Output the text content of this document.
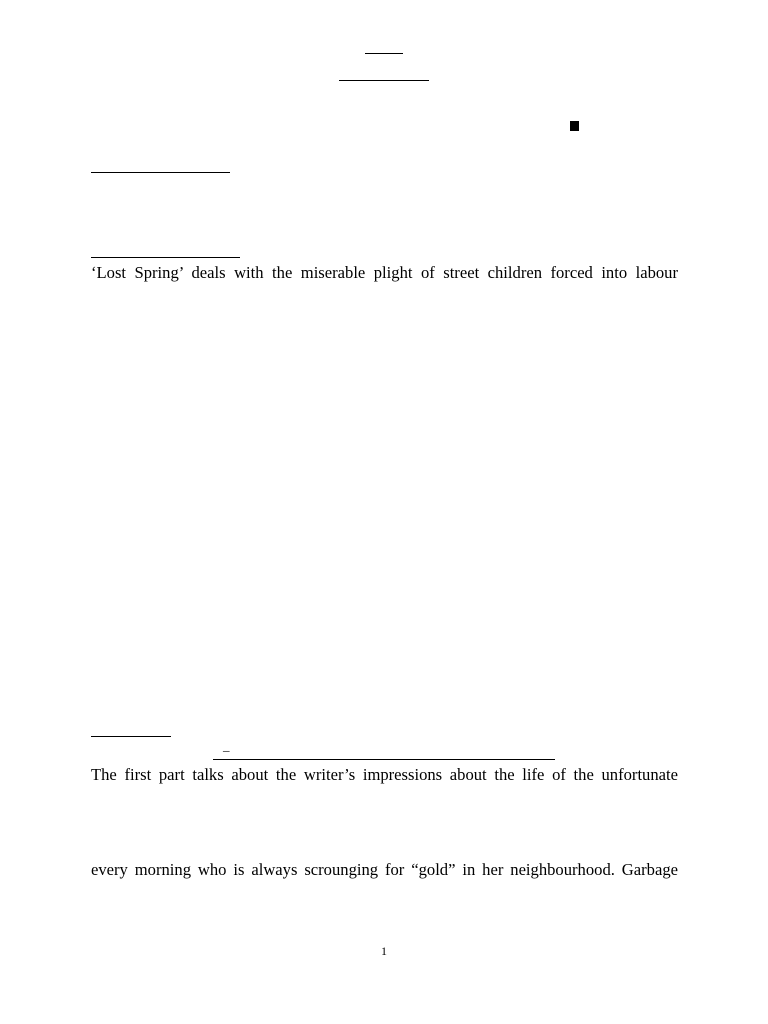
‘Lost Spring’ deals with the miserable plight of street children forced into labour
_
The first part talks about the writer’s impressions about the life of the unfortunate
every morning who is always scrounging for “gold” in her neighbourhood. Garbage
1
